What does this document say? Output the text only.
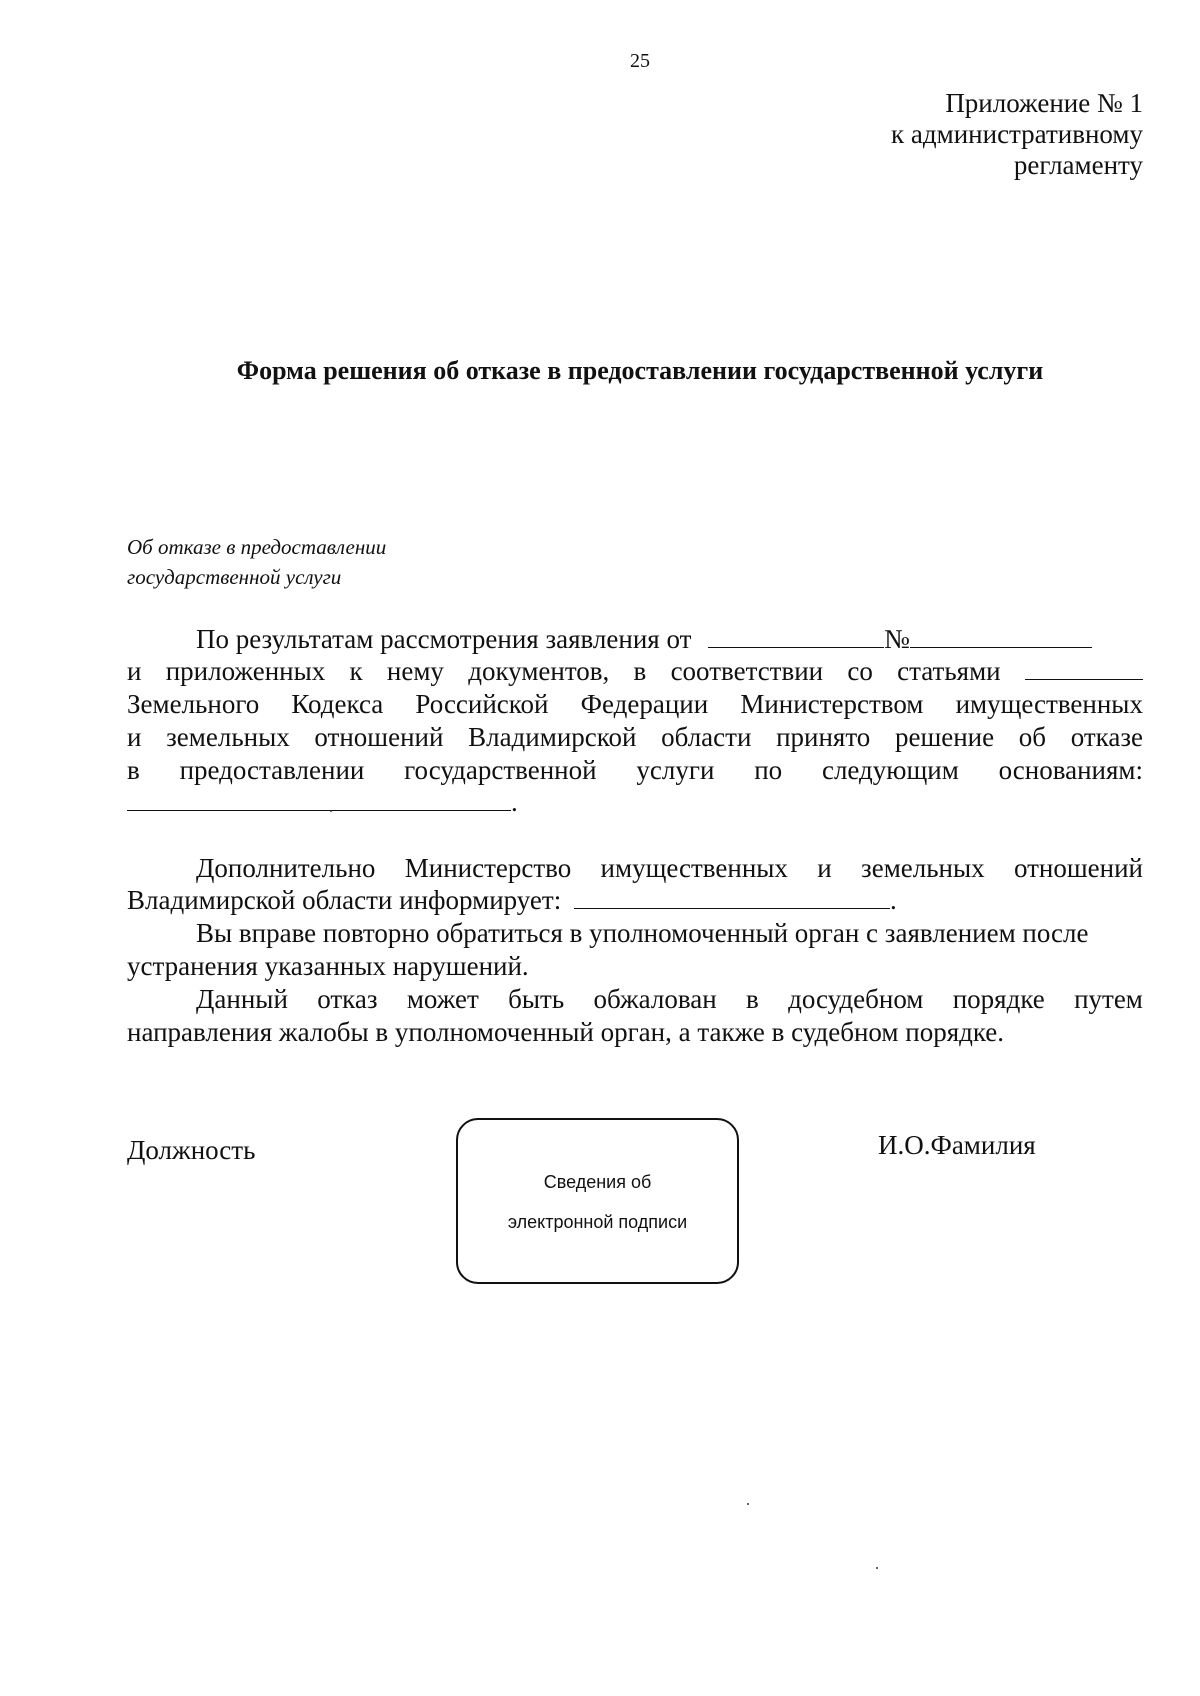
25
Приложение № 1
к административному
регламенту
Форма решения об отказе в предоставлении государственной услуги
Об отказе в предоставлении
государственной услуги
По результатам рассмотрения заявления от	№
и приложенных к нему документов, в соответствии со статьями
Земельного Кодекса Российской Федерации Министерством имущественных
и земельных отношений Владимирской области принято решение об отказе
в предоставлении государственной услуги по следующим основаниям:
.
Дополнительно Министерство имущественных и земельных отношений
Владимирской области информирует:	.
Вы вправе повторно обратиться в уполномоченный орган с заявлением после
устранения указанных нарушений.
Данный отказ может быть обжалован в досудебном порядке путем
направления жалобы в уполномоченный орган, а также в судебном порядке.
Должность
Сведения об
электронной подписи
И.О.Фамилия
